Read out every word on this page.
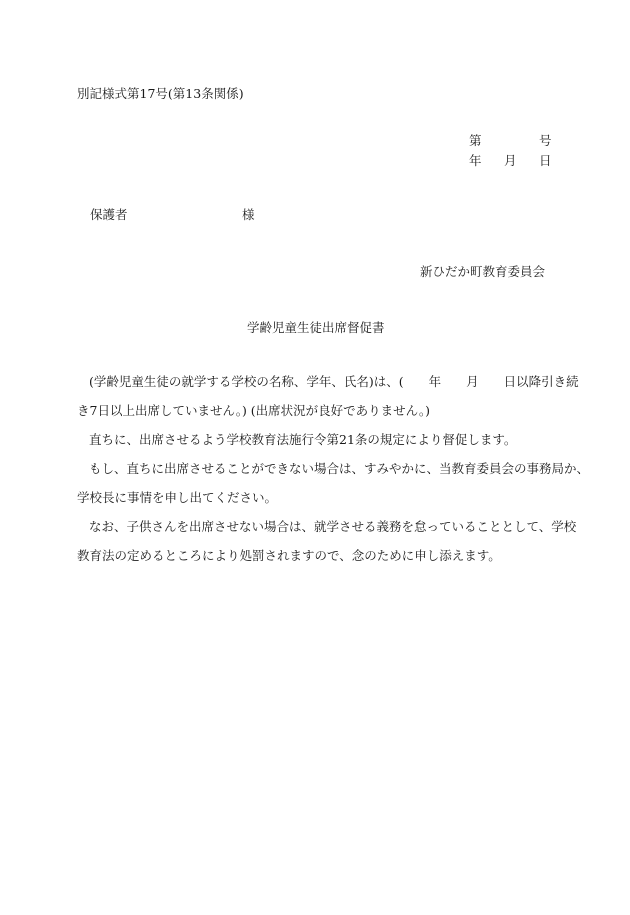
別記様式第17号(第13条関係)
第	号
年 月 日
保護者	様
新ひだか町教育委員会
学齢児童生徒出席督促書
(学齢児童生徒の就学する学校の名称、学年、氏名)は、(　　年　　月　　日以降引き続
き7日以上出席していません。) (出席状況が良好でありません。)
直ちに、出席させるよう学校教育法施行令第21条の規定により督促します。
もし、直ちに出席させることができない場合は、すみやかに、当教育委員会の事務局か、
学校長に事情を申し出てください。
なお、子供さんを出席させない場合は、就学させる義務を怠っていることとして、学校
教育法の定めるところにより処罰されますので、念のために申し添えます。
